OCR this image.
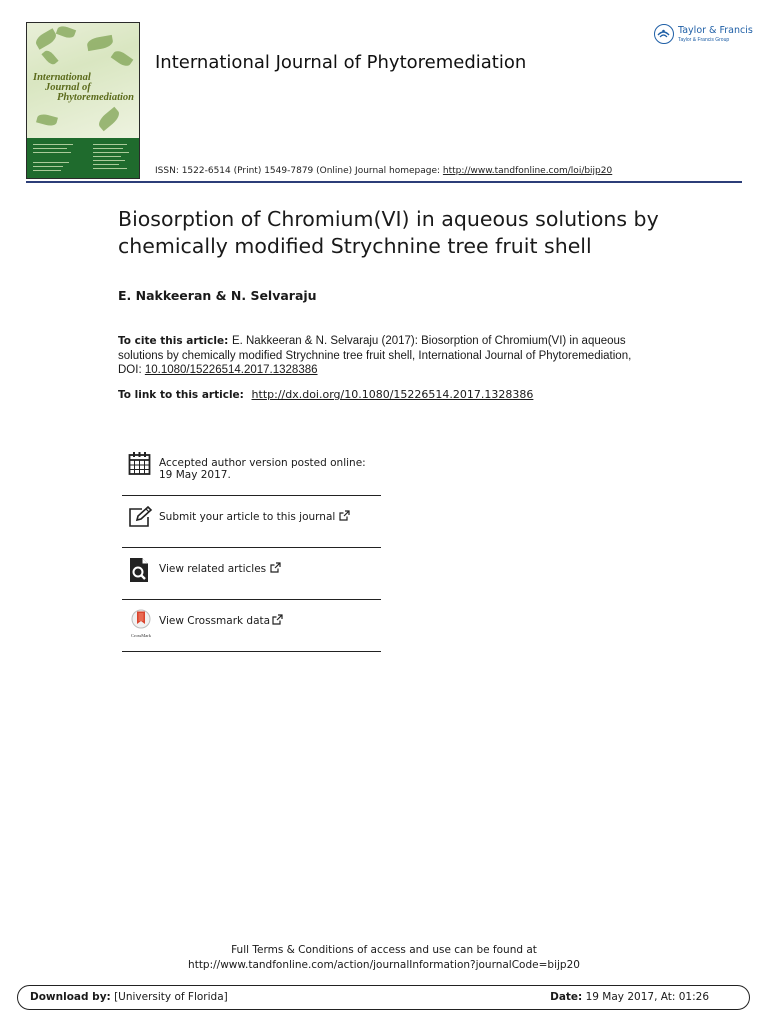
International
Journal of
Phytoremediation
International Journal of Phytoremediation
Taylor & Francis
Taylor & Francis Group
ISSN: 1522-6514 (Print) 1549-7879 (Online) Journal homepage: http://www.tandfonline.com/loi/bijp20
Biosorption of Chromium(VI) in aqueous solutions by chemically modified Strychnine tree fruit shell
E. Nakkeeran & N. Selvaraju
To cite this article: E. Nakkeeran & N. Selvaraju (2017): Biosorption of Chromium(VI) in aqueous solutions by chemically modified Strychnine tree fruit shell, International Journal of Phytoremediation, DOI: 10.1080/15226514.2017.1328386
To link to this article: http://dx.doi.org/10.1080/15226514.2017.1328386
Accepted author version posted online: 19 May 2017.
Submit your article to this journal
View related articles
CrossMark
View Crossmark data
Full Terms & Conditions of access and use can be found at
http://www.tandfonline.com/action/journalInformation?journalCode=bijp20
Download by: [University of Florida]	Date: 19 May 2017, At: 01:26
